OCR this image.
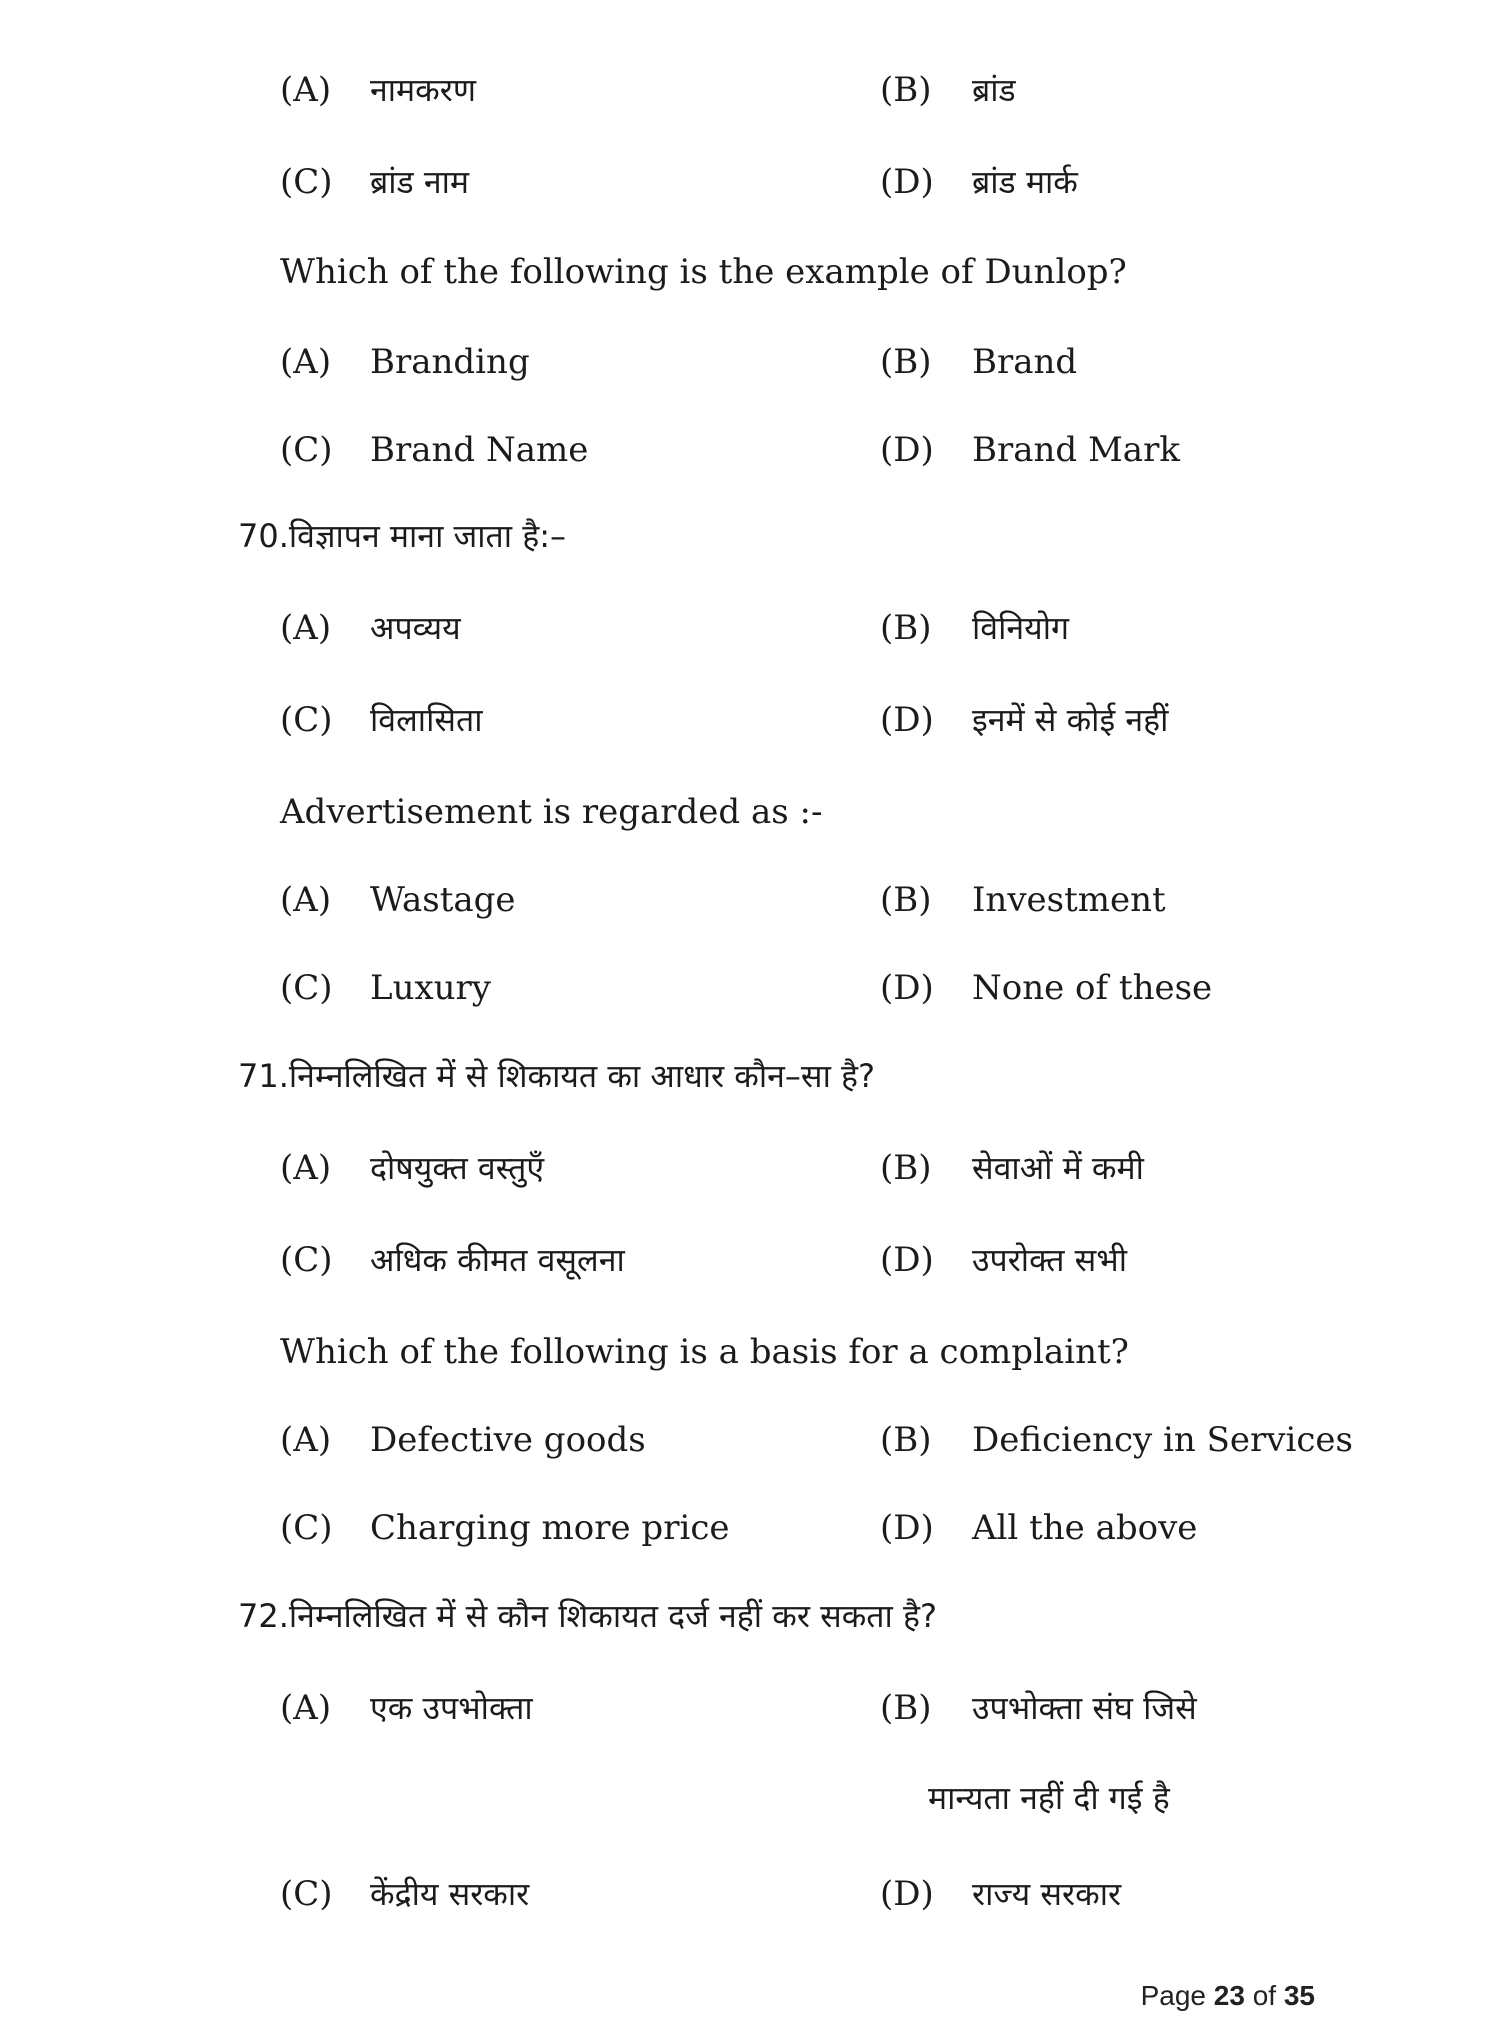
(A) नामकरण	(B) ब्रांड
(C) ब्रांड नाम	(D) ब्रांड मार्क
Which of the following is the example of Dunlop?
(A) Branding	(B) Brand
(C) Brand Name	(D) Brand Mark
70.विज्ञापन माना जाता है:–
(A) अपव्यय	(B) विनियोग
(C) विलासिता	(D) इनमें से कोई नहीं
Advertisement is regarded as :-
(A) Wastage	(B) Investment
(C) Luxury	(D) None of these
71.निम्नलिखित में से शिकायत का आधार कौन–सा है?
(A) दोषयुक्त वस्तुएँ	(B) सेवाओं में कमी
(C) अधिक कीमत वसूलना	(D) उपरोक्त सभी
Which of the following is a basis for a complaint?
(A) Defective goods	(B) Deficiency in Services
(C) Charging more price	(D) All the above
72.निम्नलिखित में से कौन शिकायत दर्ज नहीं कर सकता है?
(A) एक उपभोक्ता	(B) उपभोक्ता संघ जिसे
मान्यता नहीं दी गई है
(C) केंद्रीय सरकार	(D) राज्य सरकार
Page 23 of 35
